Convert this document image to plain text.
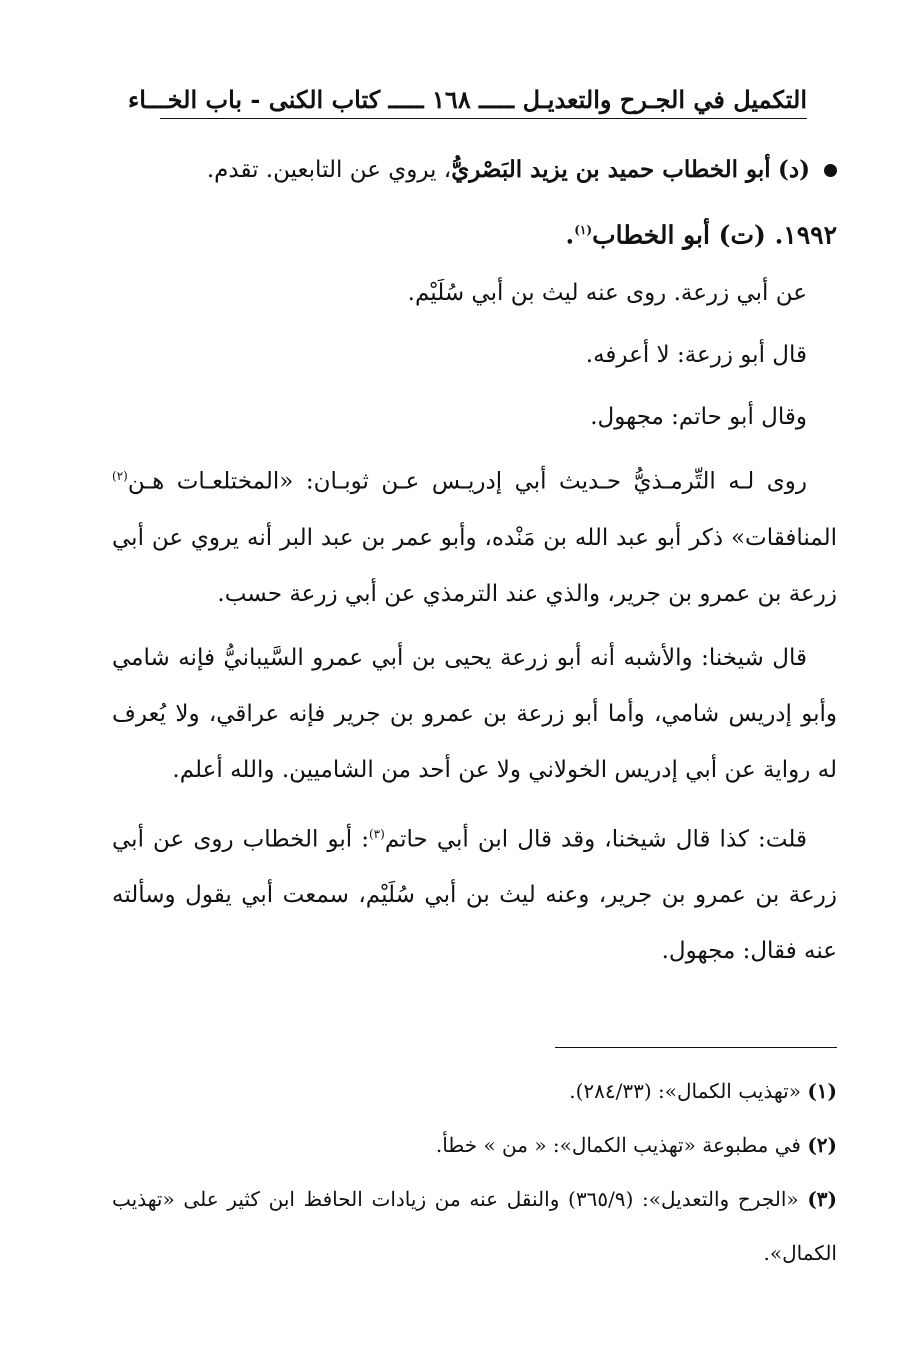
التكميل في الجـرح والتعديـل ـــــ ١٦٨ ـــــ كتاب الكنى - باب الخـــاء
(د) أبو الخطاب حميد بن يزيد البَصْريُّ، يروي عن التابعين. تقدم.
١٩٩٢. (ت) أبو الخطاب$^{(١)}$.

عن أبي زرعة. روى عنه ليث بن أبي سُلَيْم.

قال أبو زرعة: لا أعرفه.

وقال أبو حاتم: مجهول.

روى لـه التِّرمـذيُّ حـديث أبي إدريـس عـن ثوبـان: «المختلعـات هـن$^{(٢)}$ المنافقات» ذكر أبو عبد الله بن مَنْده، وأبو عمر بن عبد البر أنه يروي عن أبي زرعة بن عمرو بن جرير، والذي عند الترمذي عن أبي زرعة حسب.

قال شيخنا: والأشبه أنه أبو زرعة يحيى بن أبي عمرو السَّيبانيُّ فإنه شامي وأبو إدريس شامي، وأما أبو زرعة بن عمرو بن جرير فإنه عراقي، ولا يُعرف له رواية عن أبي إدريس الخولاني ولا عن أحد من الشاميين. والله أعلم.

قلت: كذا قال شيخنا، وقد قال ابن أبي حاتم$^{(٣)}$: أبو الخطاب روى عن أبي زرعة بن عمرو بن جرير، وعنه ليث بن أبي سُلَيْم، سمعت أبي يقول وسألته عنه فقال: مجهول.

(١) «تهذيب الكمال»: (٢٨٤/٣٣).

(٢) في مطبوعة «تهذيب الكمال»: « من » خطأ.

(٣) «الجرح والتعديل»: (٣٦٥/٩) والنقل عنه من زيادات الحافظ ابن كثير على «تهذيب الكمال».
